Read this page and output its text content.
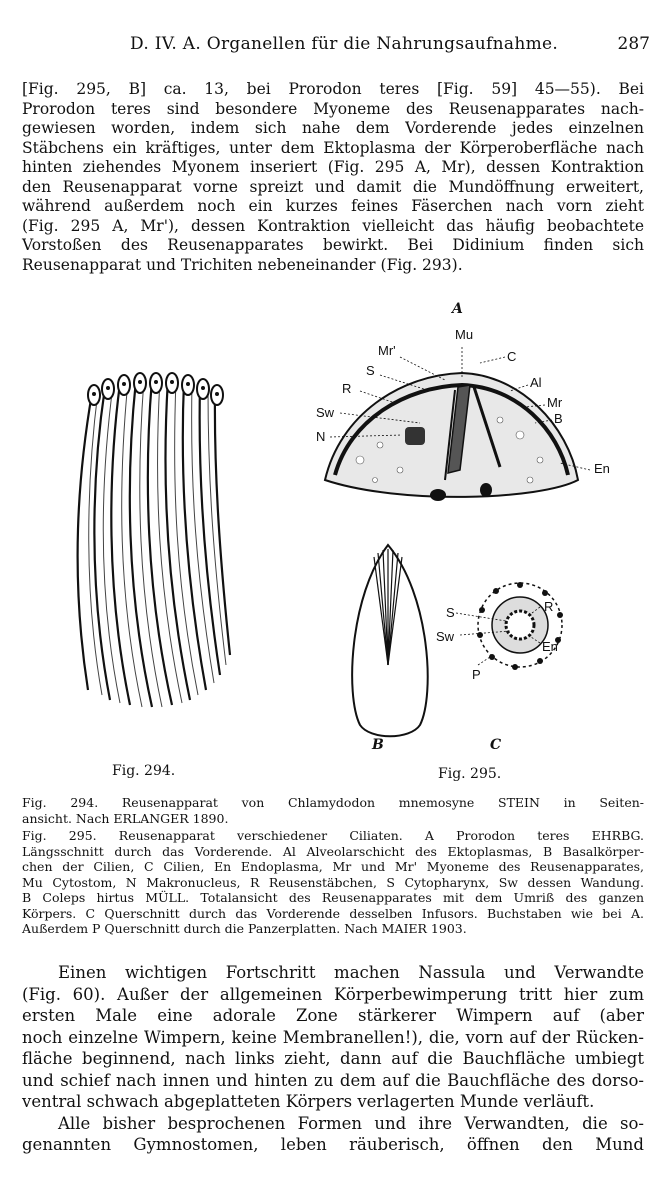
D. IV. A. Organellen für die Nahrungsaufnahme.	287
[Fig. 295, B] ca. 13, bei Prorodon teres [Fig. 59] 45—55). Bei
Prorodon teres sind besondere Myoneme des Reusenapparates nach-
gewiesen worden, indem sich nahe dem Vorderende jedes einzelnen
Stäbchens ein kräftiges, unter dem Ektoplasma der Körperoberfläche nach
hinten ziehendes Myonem inseriert (Fig. 295 A, Mr), dessen Kontraktion
den Reusenapparat vorne spreizt und damit die Mundöffnung erweitert,
während außerdem noch ein kurzes feines Fäserchen nach vorn zieht
(Fig. 295 A, Mr'), dessen Kontraktion vielleicht das häufig beobachtete
Vorstoßen des Reusenapparates bewirkt. Bei Didinium finden sich
Reusenapparat und Trichiten nebeneinander (Fig. 293).
Fig. 294.
A
Mu
Mr'
S
C
Al
R
Mr
Sw	B
N
En
B
S	R
Sw
En
P
C
Fig. 295.
Fig. 294. Reusenapparat von Chlamydodon mnemosyne STEIN in Seiten-
ansicht. Nach ERLANGER 1890.
Fig. 295. Reusenapparat verschiedener Ciliaten. A Prorodon teres EHRBG.
Längsschnitt durch das Vorderende. Al Alveolarschicht des Ektoplasmas, B Basalkörper-
chen der Cilien, C Cilien, En Endoplasma, Mr und Mr' Myoneme des Reusenapparates,
Mu Cytostom, N Makronucleus, R Reusenstäbchen, S Cytopharynx, Sw dessen Wandung.
B Coleps hirtus MÜLL. Totalansicht des Reusenapparates mit dem Umriß des ganzen
Körpers. C Querschnitt durch das Vorderende desselben Infusors. Buchstaben wie bei A.
Außerdem P Querschnitt durch die Panzerplatten. Nach MAIER 1903.
Einen wichtigen Fortschritt machen Nassula und Verwandte
(Fig. 60). Außer der allgemeinen Körperbewimperung tritt hier zum
ersten Male eine adorale Zone stärkerer Wimpern auf (aber
noch einzelne Wimpern, keine Membranellen!), die, vorn auf der Rücken-
fläche beginnend, nach links zieht, dann auf die Bauchfläche umbiegt
und schief nach innen und hinten zu dem auf die Bauchfläche des dorso-
ventral schwach abgeplatteten Körpers verlagerten Munde verläuft.
Alle bisher besprochenen Formen und ihre Verwandten, die so-
genannten Gymnostomen, leben räuberisch, öffnen den Mund
